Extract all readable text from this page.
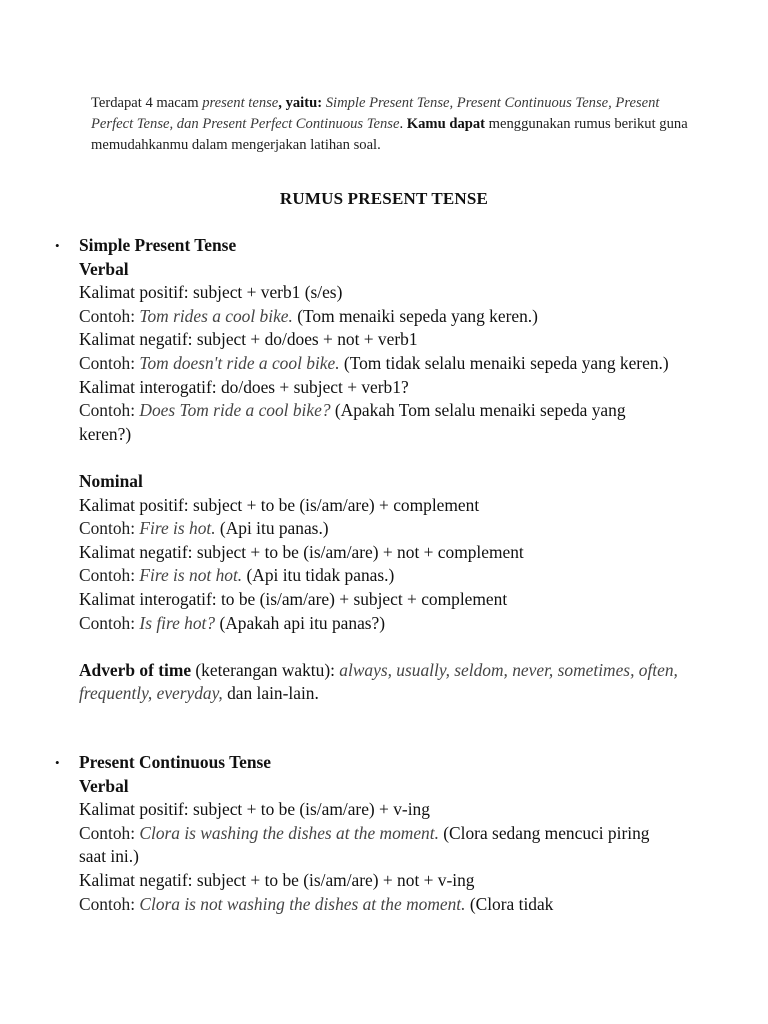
Terdapat 4 macam present tense, yaitu: Simple Present Tense, Present Continuous Tense, Present Perfect Tense, dan Present Perfect Continuous Tense. Kamu dapat menggunakan rumus berikut guna memudahkanmu dalam mengerjakan latihan soal.
RUMUS PRESENT TENSE
• Simple Present Tense
Verbal
Kalimat positif: subject + verb1 (s/es)
Contoh: Tom rides a cool bike. (Tom menaiki sepeda yang keren.)
Kalimat negatif: subject + do/does + not + verb1
Contoh: Tom doesn't ride a cool bike. (Tom tidak selalu menaiki sepeda yang keren.)
Kalimat interogatif: do/does + subject + verb1?
Contoh: Does Tom ride a cool bike? (Apakah Tom selalu menaiki sepeda yang keren?)
Nominal
Kalimat positif: subject + to be (is/am/are) + complement
Contoh: Fire is hot. (Api itu panas.)
Kalimat negatif: subject + to be (is/am/are) + not + complement
Contoh: Fire is not hot. (Api itu tidak panas.)
Kalimat interogatif: to be (is/am/are) + subject + complement
Contoh: Is fire hot? (Apakah api itu panas?)
Adverb of time (keterangan waktu): always, usually, seldom, never, sometimes, often, frequently, everyday, dan lain-lain.
• Present Continuous Tense
Verbal
Kalimat positif: subject + to be (is/am/are) + v-ing
Contoh: Clora is washing the dishes at the moment. (Clora sedang mencuci piring saat ini.)
Kalimat negatif: subject + to be (is/am/are) + not + v-ing
Contoh: Clora is not washing the dishes at the moment. (Clora tidak
